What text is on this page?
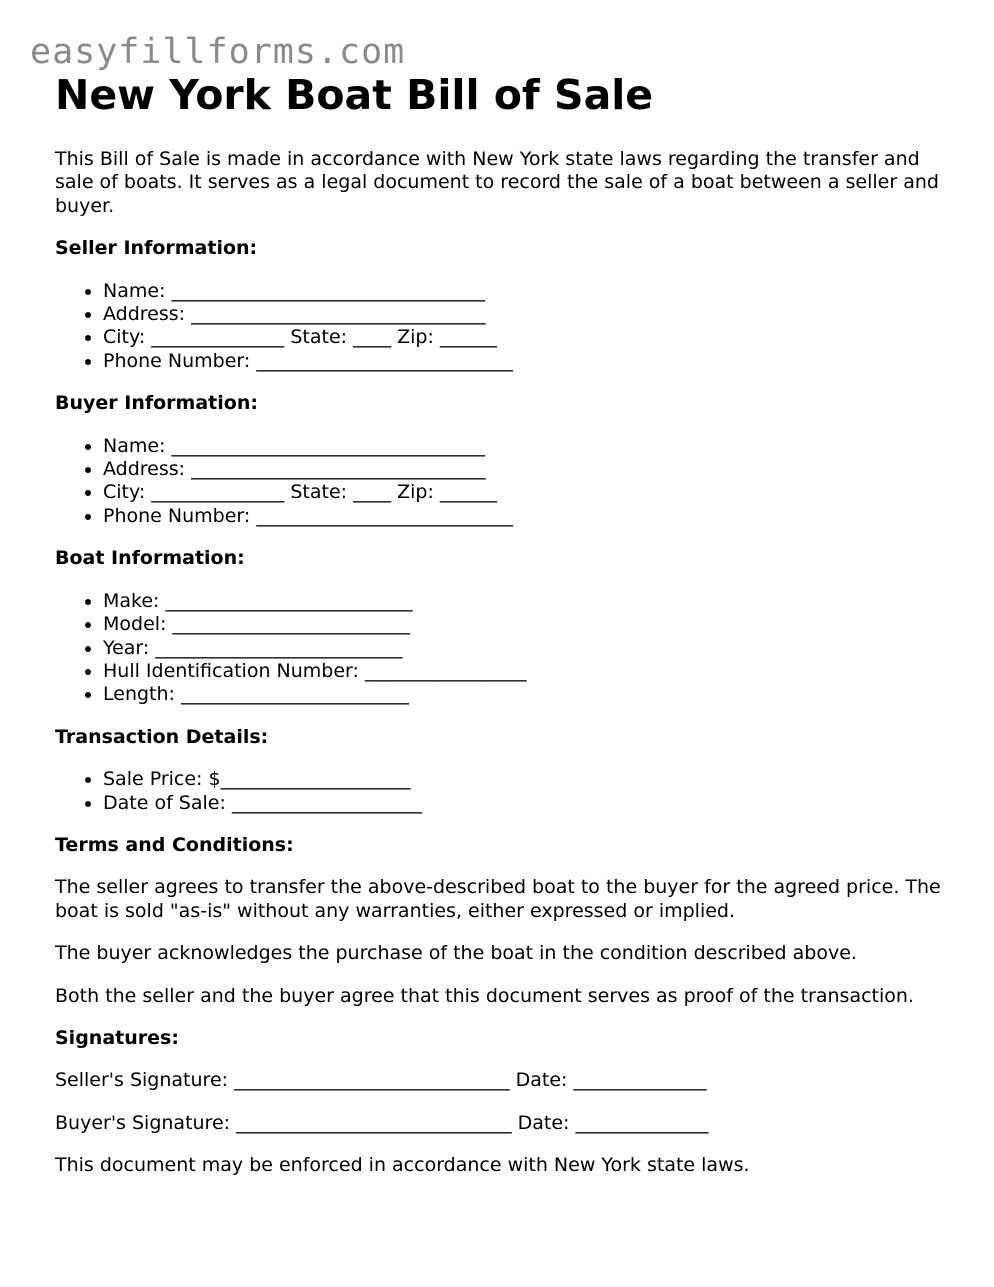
easyfillforms.com
New York Boat Bill of Sale

This Bill of Sale is made in accordance with New York state laws regarding the transfer and sale of boats. It serves as a legal document to record the sale of a boat between a seller and buyer.

Seller Information:
• Name: _________________________________
• Address: _______________________________
• City: ______________ State: ____ Zip: ______
• Phone Number: ___________________________
Buyer Information:
• Name: _________________________________
• Address: _______________________________
• City: ______________ State: ____ Zip: ______
• Phone Number: ___________________________
Boat Information:
• Make: __________________________
• Model: _________________________
• Year: __________________________
• Hull Identification Number: _________________
• Length: ________________________
Transaction Details:
• Sale Price: $____________________
• Date of Sale: ____________________
Terms and Conditions:

The seller agrees to transfer the above-described boat to the buyer for the agreed price. The boat is sold "as-is" without any warranties, either expressed or implied.

The buyer acknowledges the purchase of the boat in the condition described above.

Both the seller and the buyer agree that this document serves as proof of the transaction.

Signatures:

Seller's Signature: _____________________________ Date: ______________

Buyer's Signature: _____________________________ Date: ______________

This document may be enforced in accordance with New York state laws.
